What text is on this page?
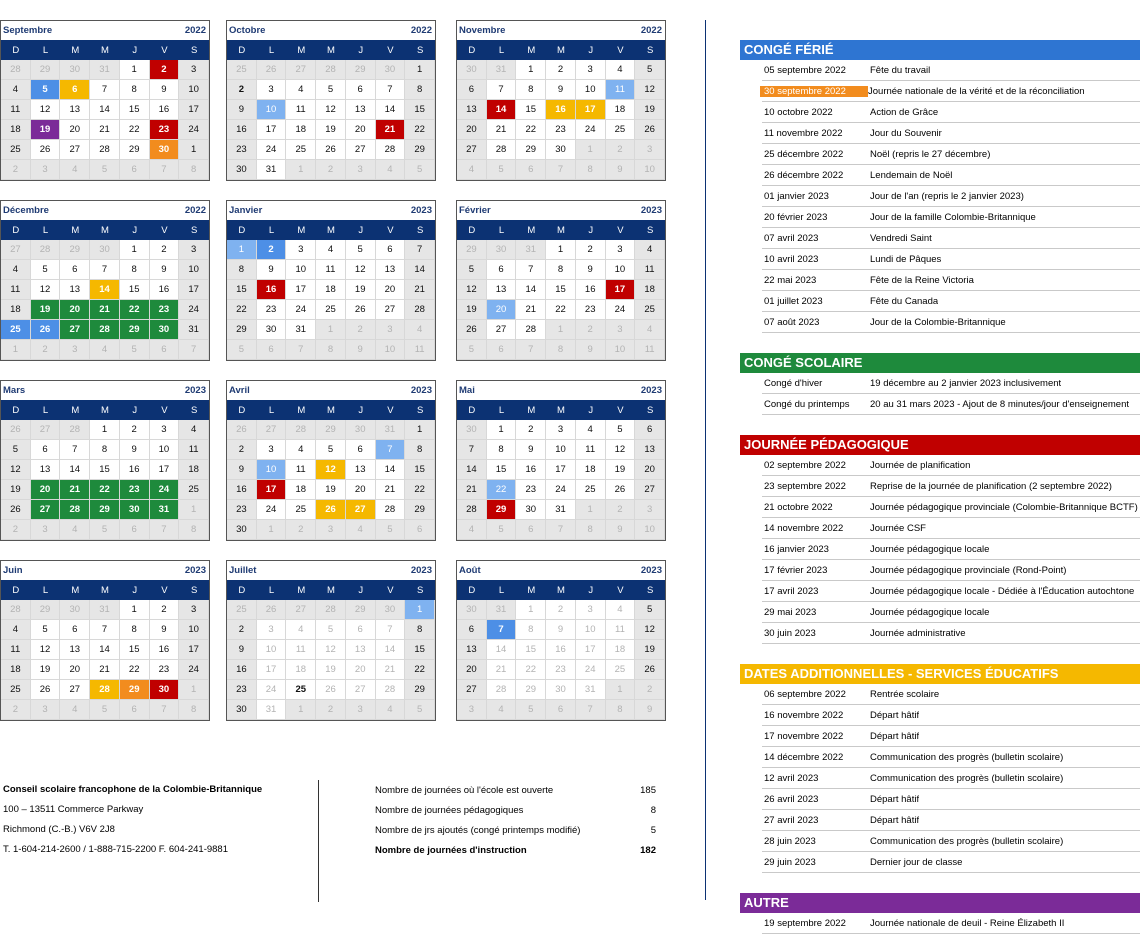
Septembre	2022
D	L	M	M	J	V	S
28	29	30	31	1	2	3
4	5	6	7	8	9	10
11	12	13	14	15	16	17
18	19	20	21	22	23	24
25	26	27	28	29	30	1
2	3	4	5	6	7	8
Octobre	2022
D	L	M	M	J	V	S
25	26	27	28	29	30	1
2	3	4	5	6	7	8
9	10	11	12	13	14	15
16	17	18	19	20	21	22
23	24	25	26	27	28	29
30	31	1	2	3	4	5
Novembre	2022
D	L	M	M	J	V	S
30	31	1	2	3	4	5
6	7	8	9	10	11	12
13	14	15	16	17	18	19
20	21	22	23	24	25	26
27	28	29	30	1	2	3
4	5	6	7	8	9	10
Décembre	2022
D	L	M	M	J	V	S
27	28	29	30	1	2	3
4	5	6	7	8	9	10
11	12	13	14	15	16	17
18	19	20	21	22	23	24
25	26	27	28	29	30	31
1	2	3	4	5	6	7
Janvier	2023
D	L	M	M	J	V	S
1	2	3	4	5	6	7
8	9	10	11	12	13	14
15	16	17	18	19	20	21
22	23	24	25	26	27	28
29	30	31	1	2	3	4
5	6	7	8	9	10	11
Février	2023
D	L	M	M	J	V	S
29	30	31	1	2	3	4
5	6	7	8	9	10	11
12	13	14	15	16	17	18
19	20	21	22	23	24	25
26	27	28	1	2	3	4
5	6	7	8	9	10	11
Mars	2023
D	L	M	M	J	V	S
26	27	28	1	2	3	4
5	6	7	8	9	10	11
12	13	14	15	16	17	18
19	20	21	22	23	24	25
26	27	28	29	30	31	1
2	3	4	5	6	7	8
Avril	2023
D	L	M	M	J	V	S
26	27	28	29	30	31	1
2	3	4	5	6	7	8
9	10	11	12	13	14	15
16	17	18	19	20	21	22
23	24	25	26	27	28	29
30	1	2	3	4	5	6
Mai	2023
D	L	M	M	J	V	S
30	1	2	3	4	5	6
7	8	9	10	11	12	13
14	15	16	17	18	19	20
21	22	23	24	25	26	27
28	29	30	31	1	2	3
4	5	6	7	8	9	10
Juin	2023
D	L	M	M	J	V	S
28	29	30	31	1	2	3
4	5	6	7	8	9	10
11	12	13	14	15	16	17
18	19	20	21	22	23	24
25	26	27	28	29	30	1
2	3	4	5	6	7	8
Juillet	2023
D	L	M	M	J	V	S
25	26	27	28	29	30	1
2	3	4	5	6	7	8
9	10	11	12	13	14	15
16	17	18	19	20	21	22
23	24	25	26	27	28	29
30	31	1	2	3	4	5
Août	2023
D	L	M	M	J	V	S
30	31	1	2	3	4	5
6	7	8	9	10	11	12
13	14	15	16	17	18	19
20	21	22	23	24	25	26
27	28	29	30	31	1	2
3	4	5	6	7	8	9
CONGÉ FÉRIÉ
05 septembre 2022	Fête du travail
30 septembre 2022	Journée nationale de la vérité et de la réconciliation
10 octobre 2022	Action de Grâce
11 novembre 2022	Jour du Souvenir
25 décembre 2022	Noël (repris le 27 décembre)
26 décembre 2022	Lendemain de Noël
01 janvier 2023	Jour de l'an (repris le 2 janvier 2023)
20 février 2023	Jour de la famille Colombie-Britannique
07 avril 2023	Vendredi Saint
10 avril 2023	Lundi de Pâques
22 mai 2023	Fête de la Reine Victoria
01 juillet 2023	Fête du Canada
07 août 2023	Jour de la Colombie-Britannique
CONGÉ SCOLAIRE
Congé d'hiver	19 décembre au 2 janvier 2023 inclusivement
Congé du printemps	20 au 31 mars 2023 - Ajout de 8 minutes/jour d'enseignement
JOURNÉE PÉDAGOGIQUE
02 septembre 2022	Journée de planification
23 septembre 2022	Reprise de la journée de planification (2 septembre 2022)
21 octobre 2022	Journée pédagogique provinciale (Colombie-Britannique BCTF)
14 novembre 2022	Journée CSF
16 janvier 2023	Journée pédagogique locale
17 février 2023	Journée pédagogique provinciale (Rond-Point)
17 avril 2023	Journée pédagogique locale - Dédiée à l'Éducation autochtone
29 mai 2023	Journée pédagogique locale
30 juin 2023	Journée administrative
DATES ADDITIONNELLES - SERVICES ÉDUCATIFS
06 septembre 2022	Rentrée scolaire
16 novembre 2022	Départ hâtif
17 novembre 2022	Départ hâtif
14 décembre 2022	Communication des progrès (bulletin scolaire)
12 avril 2023	Communication des progrès (bulletin scolaire)
26 avril 2023	Départ hâtif
27 avril 2023	Départ hâtif
28 juin 2023	Communication des progrès (bulletin scolaire)
29 juin 2023	Dernier jour de classe
AUTRE
19 septembre 2022	Journée nationale de deuil - Reine Élizabeth II
Conseil scolaire francophone de la Colombie-Britannique
100 – 13511 Commerce Parkway
Richmond (C.-B.) V6V 2J8
T. 1-604-214-2600 / 1-888-715-2200 F. 604-241-9881
Nombre de journées où l'école est ouverte	185
Nombre de journées pédagogiques	8
Nombre de jrs ajoutés (congé printemps modifié)	5
Nombre de journées d'instruction	182
